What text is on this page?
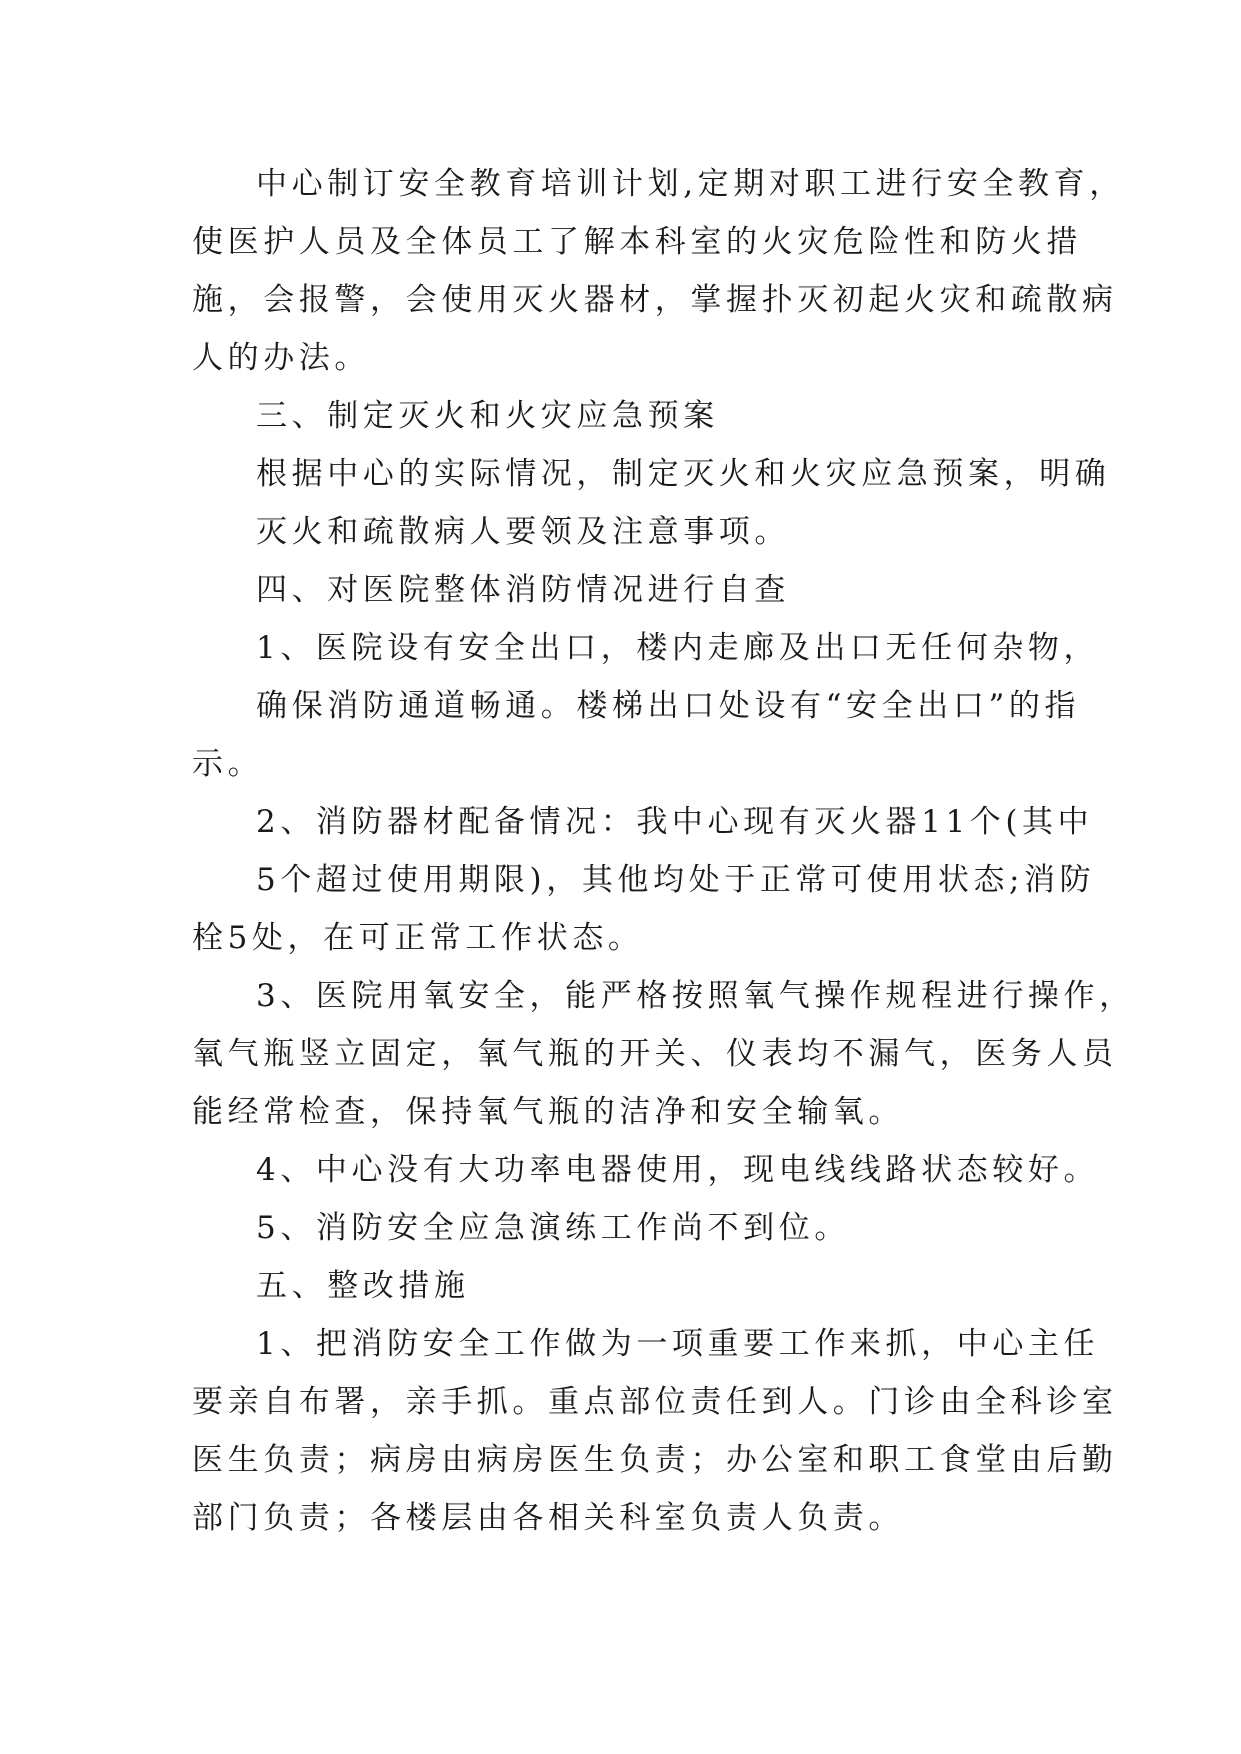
中心制订安全教育培训计划,定期对职工进行安全教育，
使医护人员及全体员工了解本科室的火灾危险性和防火措
施，会报警，会使用灭火器材，掌握扑灭初起火灾和疏散病
人的办法。
三、制定灭火和火灾应急预案
根据中心的实际情况，制定灭火和火灾应急预案，明确
灭火和疏散病人要领及注意事项。
四、对医院整体消防情况进行自查
1、医院设有安全出口，楼内走廊及出口无任何杂物，
确保消防通道畅通。楼梯出口处设有“安全出口”的指
示。
2、消防器材配备情况：我中心现有灭火器11个(其中
5个超过使用期限)，其他均处于正常可使用状态;消防
栓5处，在可正常工作状态。
3、医院用氧安全，能严格按照氧气操作规程进行操作，
氧气瓶竖立固定，氧气瓶的开关、仪表均不漏气，医务人员
能经常检查，保持氧气瓶的洁净和安全输氧。
4、中心没有大功率电器使用，现电线线路状态较好。
5、消防安全应急演练工作尚不到位。
五、整改措施
1、把消防安全工作做为一项重要工作来抓，中心主任
要亲自布署，亲手抓。重点部位责任到人。门诊由全科诊室
医生负责；病房由病房医生负责；办公室和职工食堂由后勤
部门负责；各楼层由各相关科室负责人负责。
